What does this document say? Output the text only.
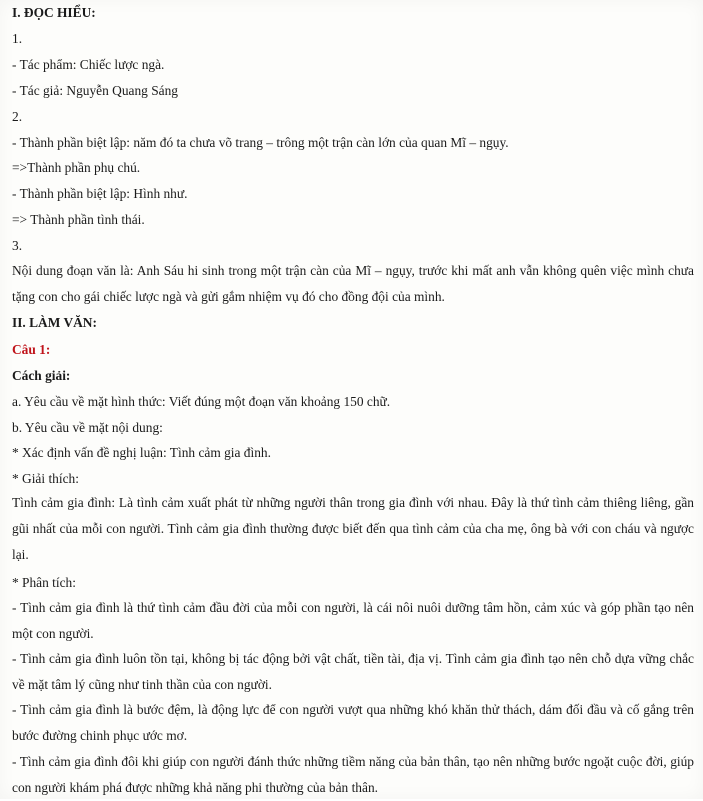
I. ĐỌC HIỂU:
1.
- Tác phẩm: Chiếc lược ngà.
- Tác giả: Nguyễn Quang Sáng
2.
- Thành phần biệt lập: năm đó ta chưa võ trang – trông một trận càn lớn của quan Mĩ – ngụy.
=>Thành phần phụ chú.
- Thành phần biệt lập: Hình như.
=> Thành phần tình thái.
3.
Nội dung đoạn văn là: Anh Sáu hi sinh trong một trận càn của Mĩ – ngụy, trước khi mất anh vẫn không quên việc mình chưa tặng con cho gái chiếc lược ngà và gửi gắm nhiệm vụ đó cho đồng đội của mình.
II. LÀM VĂN:
Câu 1:
Cách giải:
a. Yêu cầu về mặt hình thức: Viết đúng một đoạn văn khoảng 150 chữ.
b. Yêu cầu về mặt nội dung:
* Xác định vấn đề nghị luận: Tình cảm gia đình.
* Giải thích:
Tình cảm gia đình: Là tình cảm xuất phát từ những người thân trong gia đình với nhau. Đây là thứ tình cảm thiêng liêng, gần gũi nhất của mỗi con người. Tình cảm gia đình thường được biết đến qua tình cảm của cha mẹ, ông bà với con cháu và ngược lại.
* Phân tích:
- Tình cảm gia đình là thứ tình cảm đầu đời của mỗi con người, là cái nôi nuôi dưỡng tâm hồn, cảm xúc và góp phần tạo nên một con người.
- Tình cảm gia đình luôn tồn tại, không bị tác động bởi vật chất, tiền tài, địa vị. Tình cảm gia đình tạo nên chỗ dựa vững chắc về mặt tâm lý cũng như tinh thần của con người.
- Tình cảm gia đình là bước đệm, là động lực để con người vượt qua những khó khăn thử thách, dám đối đầu và cố gắng trên bước đường chinh phục ước mơ.
- Tình cảm gia đình đôi khi giúp con người đánh thức những tiềm năng của bản thân, tạo nên những bước ngoặt cuộc đời, giúp con người khám phá được những khả năng phi thường của bản thân.
